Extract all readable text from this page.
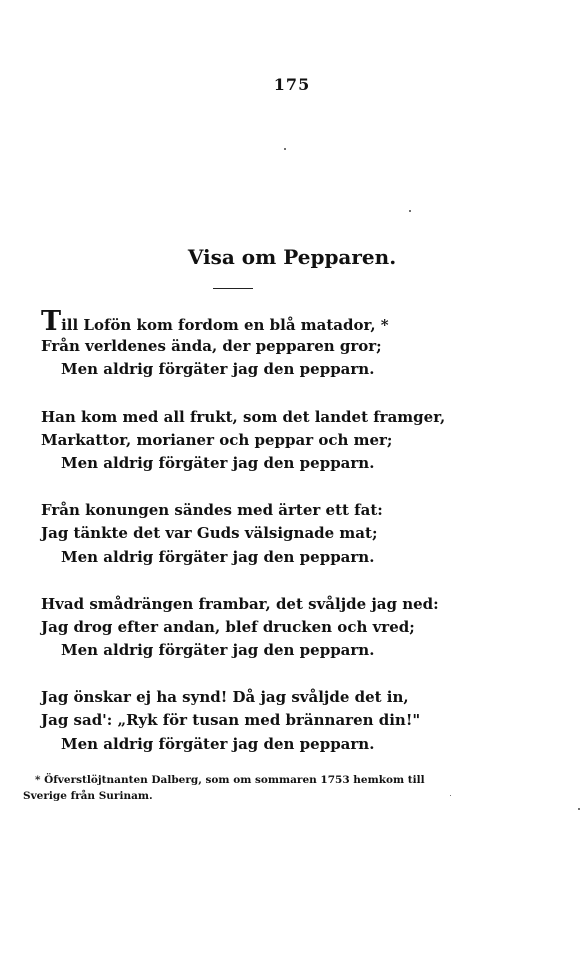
175
Visa om Pepparen.
Till Lofön kom fordom en blå matador, *
Från verldenes ända, der pepparen gror;
Men aldrig förgäter jag den pepparn.
Han kom med all frukt, som det landet framger,
Markattor, morianer och peppar och mer;
Men aldrig förgäter jag den pepparn.
Från konungen sändes med ärter ett fat:
Jag tänkte det var Guds välsignade mat;
Men aldrig förgäter jag den pepparn.
Hvad smådrängen frambar, det svåljde jag ned:
Jag drog efter andan, blef drucken och vred;
Men aldrig förgäter jag den pepparn.
Jag önskar ej ha synd! Då jag svåljde det in,
Jag sad': „Ryk för tusan med brännaren din!"
Men aldrig förgäter jag den pepparn.
* Öfverstlöjtnanten Dalberg, som om sommaren 1753 hemkom till
Sverige från Surinam.
